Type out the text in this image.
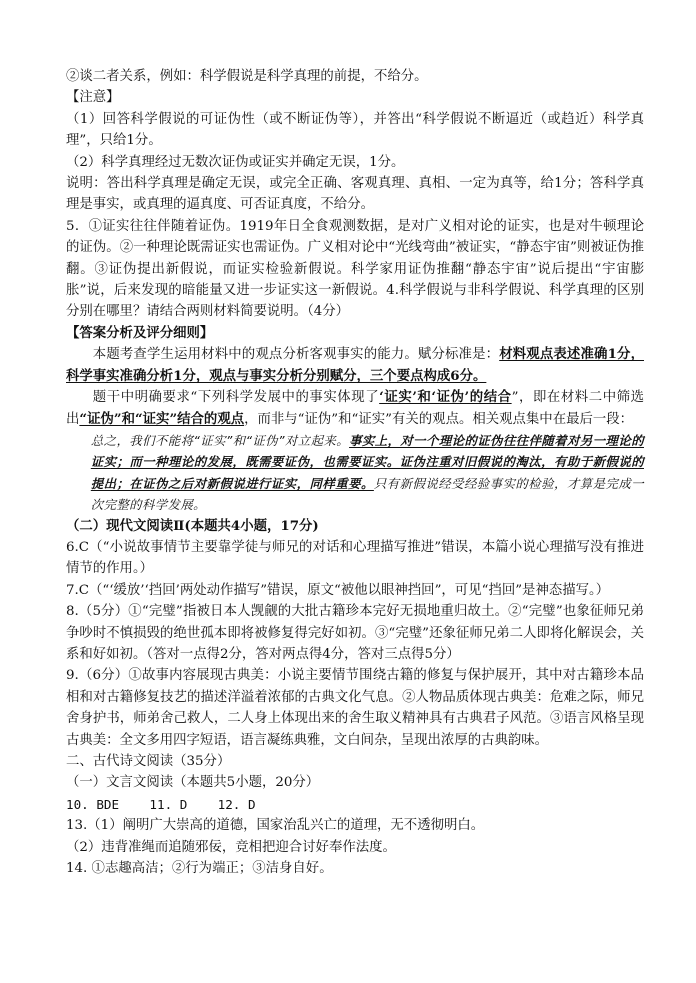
②谈二者关系，例如：科学假说是科学真理的前提，不给分。

【注意】

（1）回答科学假说的可证伪性（或不断证伪等），并答出“科学假说不断逼近（或趋近）科学真理”，只给1分。

（2）科学真理经过无数次证伪或证实并确定无误，1分。

说明：答出科学真理是确定无误，或完全正确、客观真理、真相、一定为真等，给1分；答科学真理是事实，或真理的逼真度、可否证真度，不给分。

5．①证实往往伴随着证伪。1919年日全食观测数据，是对广义相对论的证实，也是对牛顿理论的证伪。②一种理论既需证实也需证伪。广义相对论中“光线弯曲”被证实，“静态宇宙”则被证伪推翻。③证伪提出新假说，而证实检验新假说。科学家用证伪推翻“静态宇宙”说后提出“宇宙膨胀”说，后来发现的暗能量又进一步证实这一新假说。4.科学假说与非科学假说、科学真理的区别分别在哪里？请结合两则材料简要说明。（4分）

【答案分析及评分细则】

本题考查学生运用材料中的观点分析客观事实的能力。赋分标准是：材料观点表述准确1分，科学事实准确分析1分，观点与事实分析分别赋分，三个要点构成6分。

题干中明确要求“下列科学发展中的事实体现了‘证实’和‘证伪’的结合”，即在材料二中筛选出“证伪”和“证实”结合的观点，而非与“证伪”和“证实”有关的观点。相关观点集中在最后一段：

总之，我们不能将“证实”和“证伪”对立起来。事实上，对一个理论的证伪往往伴随着对另一理论的证实；而一种理论的发展，既需要证伪，也需要证实。证伪注重对旧假说的淘汰，有助于新假说的提出；在证伪之后对新假说进行证实，同样重要。只有新假说经受经验事实的检验，才算是完成一次完整的科学发展。

（二）现代文阅读Ⅱ(本题共4小题，17分)

6.C（“小说故事情节主要靠学徒与师兄的对话和心理描写推进”错误，本篇小说心理描写没有推进情节的作用。）

7.C（“‘缓放’‘挡回’两处动作描写”错误，原文“被他以眼神挡回”，可见“挡回”是神态描写。）

8.（5分）①“完璧”指被日本人觊觎的大批古籍珍本完好无损地重归故土。②“完璧”也象征师兄弟争吵时不慎损毁的绝世孤本即将被修复得完好如初。③“完璧”还象征师兄弟二人即将化解误会，关系和好如初。（答对一点得2分，答对两点得4分，答对三点得5分）

9.（6分）①故事内容展现古典美：小说主要情节围绕古籍的修复与保护展开，其中对古籍珍本品相和对古籍修复技艺的描述洋溢着浓郁的古典文化气息。②人物品质体现古典美：危难之际，师兄舍身护书，师弟舍己救人，二人身上体现出来的舍生取义精神具有古典君子风范。③语言风格呈现古典美：全文多用四字短语，语言凝练典雅，文白间杂，呈现出浓厚的古典韵味。

二、古代诗文阅读（35分）

（一）文言文阅读（本题共5小题，20分）

10. BDE    11. D    12. D

13.（1）阐明广大崇高的道德，国家治乱兴亡的道理，无不透彻明白。

（2）违背准绳而追随邪佞，竞相把迎合讨好奉作法度。

14. ①志趣高洁；②行为端正；③洁身自好。
